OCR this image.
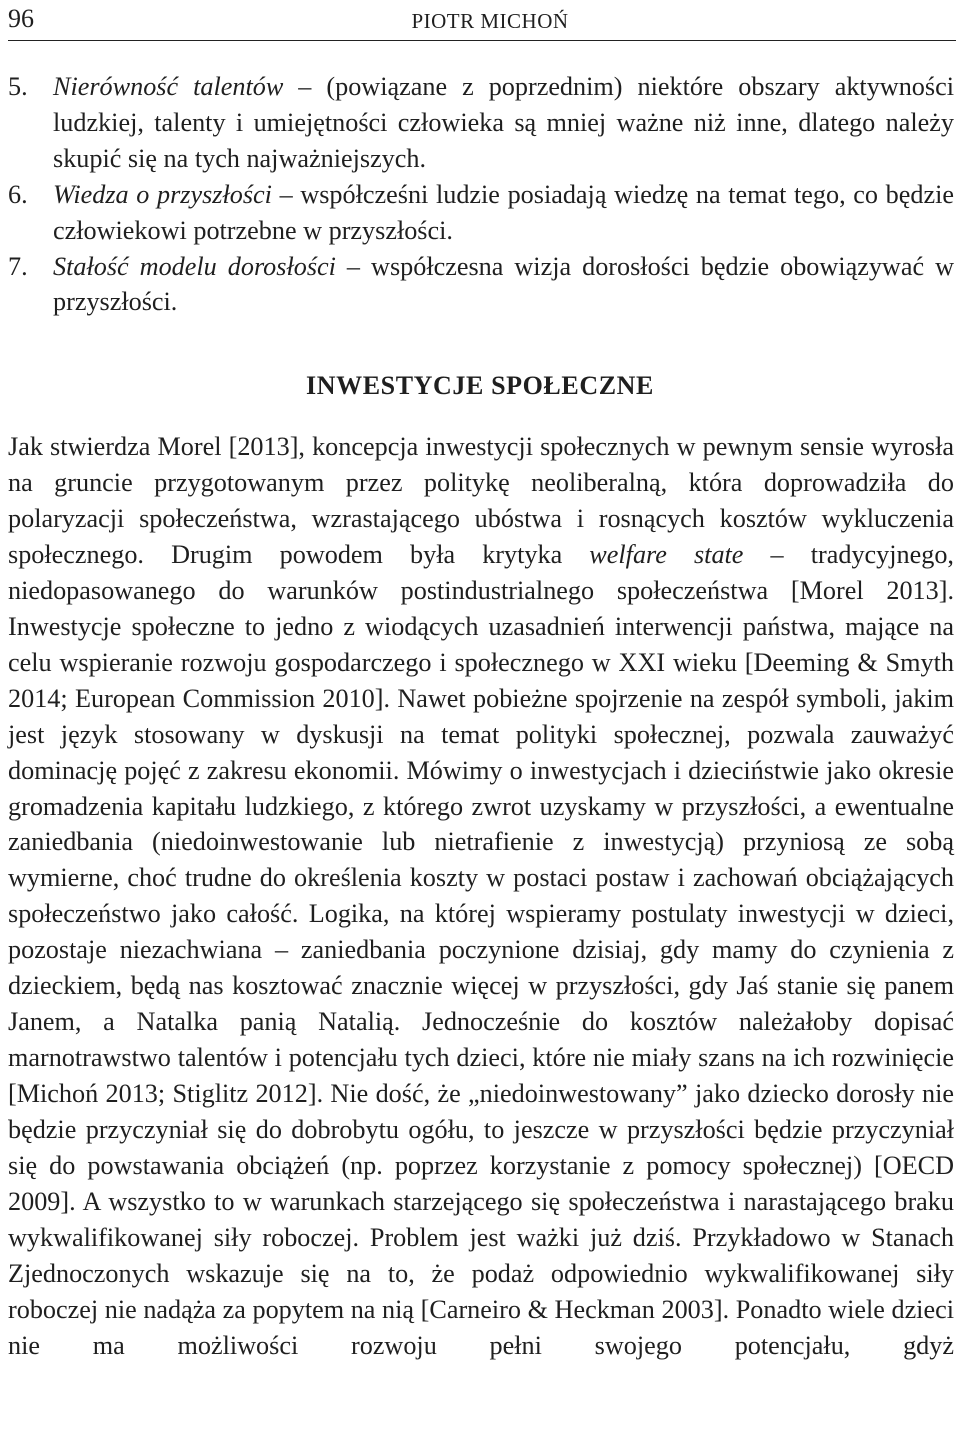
96	PIOTR MICHOŃ
5. Nierówność talentów – (powiązane z poprzednim) niektóre obszary aktywności ludzkiej, talenty i umiejętności człowieka są mniej ważne niż inne, dlatego należy skupić się na tych najważniejszych.
6. Wiedza o przyszłości – współcześni ludzie posiadają wiedzę na temat tego, co będzie człowiekowi potrzebne w przyszłości.
7. Stałość modelu dorosłości – współczesna wizja dorosłości będzie obowiązywać w przyszłości.
INWESTYCJE SPOŁECZNE
Jak stwierdza Morel [2013], koncepcja inwestycji społecznych w pewnym sensie wyrosła na gruncie przygotowanym przez politykę neoliberalną, która doprowadziła do polaryzacji społeczeństwa, wzrastającego ubóstwa i rosnących kosztów wykluczenia społecznego. Drugim powodem była krytyka welfare state – tradycyjnego, niedopasowanego do warunków postindustrialnego społeczeństwa [Morel 2013]. Inwestycje społeczne to jedno z wiodących uzasadnień interwencji państwa, mające na celu wspieranie rozwoju gospodarczego i społecznego w XXI wieku [Deeming & Smyth 2014; European Commission 2010]. Nawet pobieżne spojrzenie na zespół symboli, jakim jest język stosowany w dyskusji na temat polityki społecznej, pozwala zauważyć dominację pojęć z zakresu ekonomii. Mówimy o inwestycjach i dzieciństwie jako okresie gromadzenia kapitału ludzkiego, z którego zwrot uzyskamy w przyszłości, a ewentualne zaniedbania (niedoinwestowanie lub nietrafienie z inwestycją) przyniosą ze sobą wymierne, choć trudne do określenia koszty w postaci postaw i zachowań obciążających społeczeństwo jako całość. Logika, na której wspieramy postulaty inwestycji w dzieci, pozostaje niezachwiana – zaniedbania poczynione dzisiaj, gdy mamy do czynienia z dzieckiem, będą nas kosztować znacznie więcej w przyszłości, gdy Jaś stanie się panem Janem, a Natalka panią Natalią. Jednocześnie do kosztów należałoby dopisać marnotrawstwo talentów i potencjału tych dzieci, które nie miały szans na ich rozwinięcie [Michoń 2013; Stiglitz 2012]. Nie dość, że „niedoinwestowany” jako dziecko dorosły nie będzie przyczyniał się do dobrobytu ogółu, to jeszcze w przyszłości będzie przyczyniał się do powstawania obciążeń (np. poprzez korzystanie z pomocy społecznej) [OECD 2009]. A wszystko to w warunkach starzejącego się społeczeństwa i narastającego braku wykwalifikowanej siły roboczej. Problem jest ważki już dziś. Przykładowo w Stanach Zjednoczonych wskazuje się na to, że podaż odpowiednio wykwalifikowanej siły roboczej nie nadąża za popytem na nią [Carneiro & Heckman 2003]. Ponadto wiele dzieci nie ma możliwości rozwoju pełni swojego potencjału, gdyż
